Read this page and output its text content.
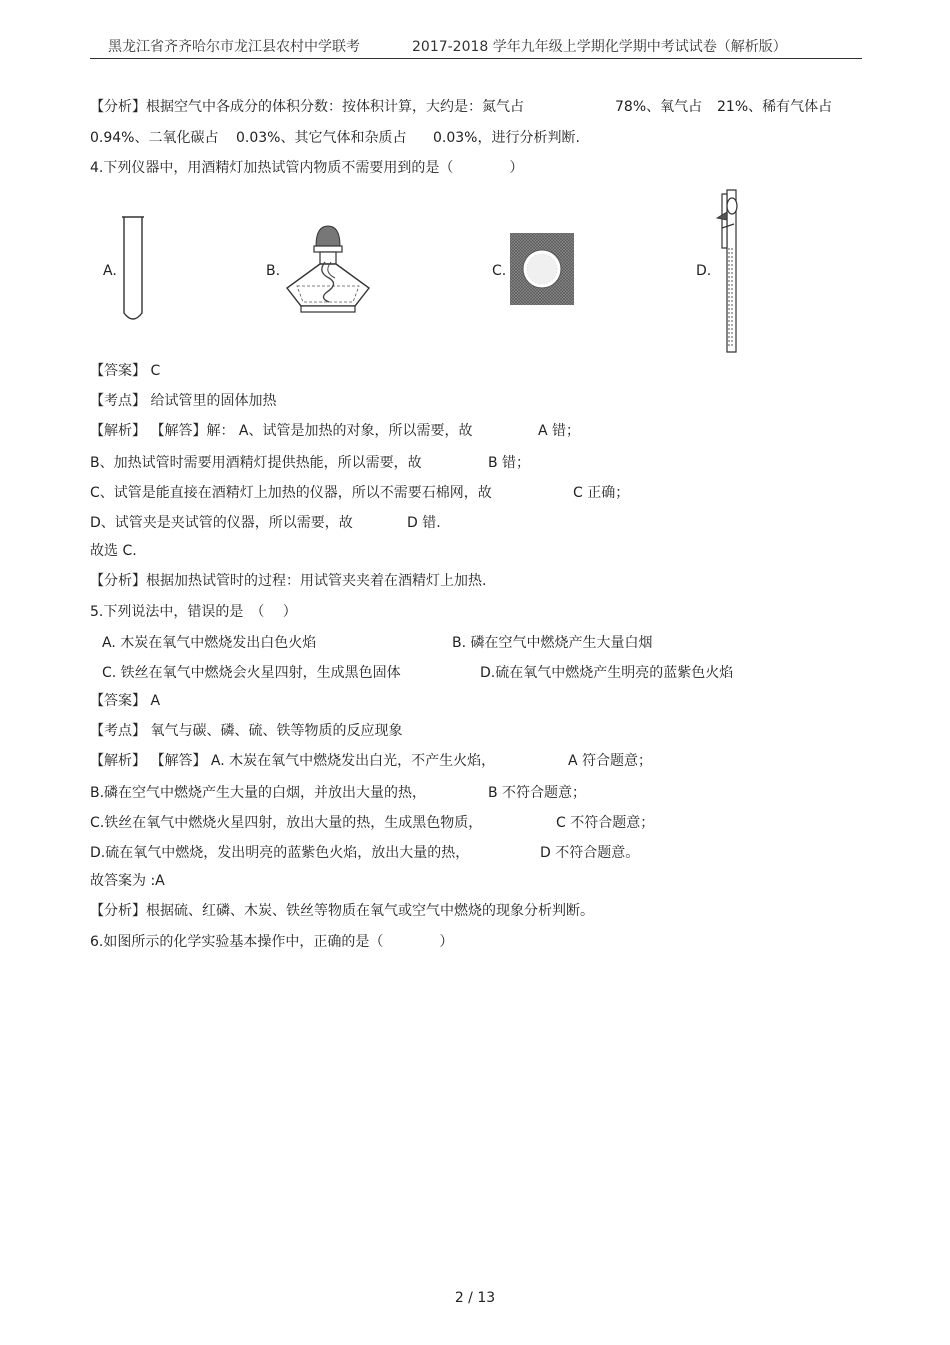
黑龙江省齐齐哈尔市龙江县农村中学联考	2017-2018 学年九年级上学期化学期中考试试卷（解析版）
【分析】根据空气中各成分的体积分数：按体积计算，大约是：氮气占	78%、氧气占 21%、稀有气体占
0.94%、二氧化碳占 0.03%、其它气体和杂质占 0.03%，进行分析判断.
4.下列仪器中，用酒精灯加热试管内物质不需要用到的是（　　　　）
A.	B.	C.	D.
【答案】 C
【考点】 给试管里的固体加热
【解析】 【解答】解： A、试管是加热的对象，所以需要，故	A 错；
B、加热试管时需要用酒精灯提供热能，所以需要，故	B 错；
C、试管是能直接在酒精灯上加热的仪器，所以不需要石棉网，故	C 正确；
D、试管夹是夹试管的仪器，所以需要，故	D 错.
故选 C.
【分析】根据加热试管时的过程：用试管夹夹着在酒精灯上加热.
5.下列说法中，错误的是　（　 ）
A. 木炭在氧气中燃烧发出白色火焰	B. 磷在空气中燃烧产生大量白烟
C. 铁丝在氧气中燃烧会火星四射，生成黑色固体	D.硫在氧气中燃烧产生明亮的蓝紫色火焰
【答案】 A
【考点】 氧气与碳、磷、硫、铁等物质的反应现象
【解析】 【解答】 A. 木炭在氧气中燃烧发出白光，不产生火焰，	A 符合题意；
B.磷在空气中燃烧产生大量的白烟，并放出大量的热，	B 不符合题意；
C.铁丝在氧气中燃烧火星四射，放出大量的热，生成黑色物质，	C 不符合题意；
D.硫在氧气中燃烧，发出明亮的蓝紫色火焰，放出大量的热，	D 不符合题意。
故答案为 :A
【分析】根据硫、红磷、木炭、铁丝等物质在氧气或空气中燃烧的现象分析判断。
6.如图所示的化学实验基本操作中，正确的是（　　　　）
2 / 13
